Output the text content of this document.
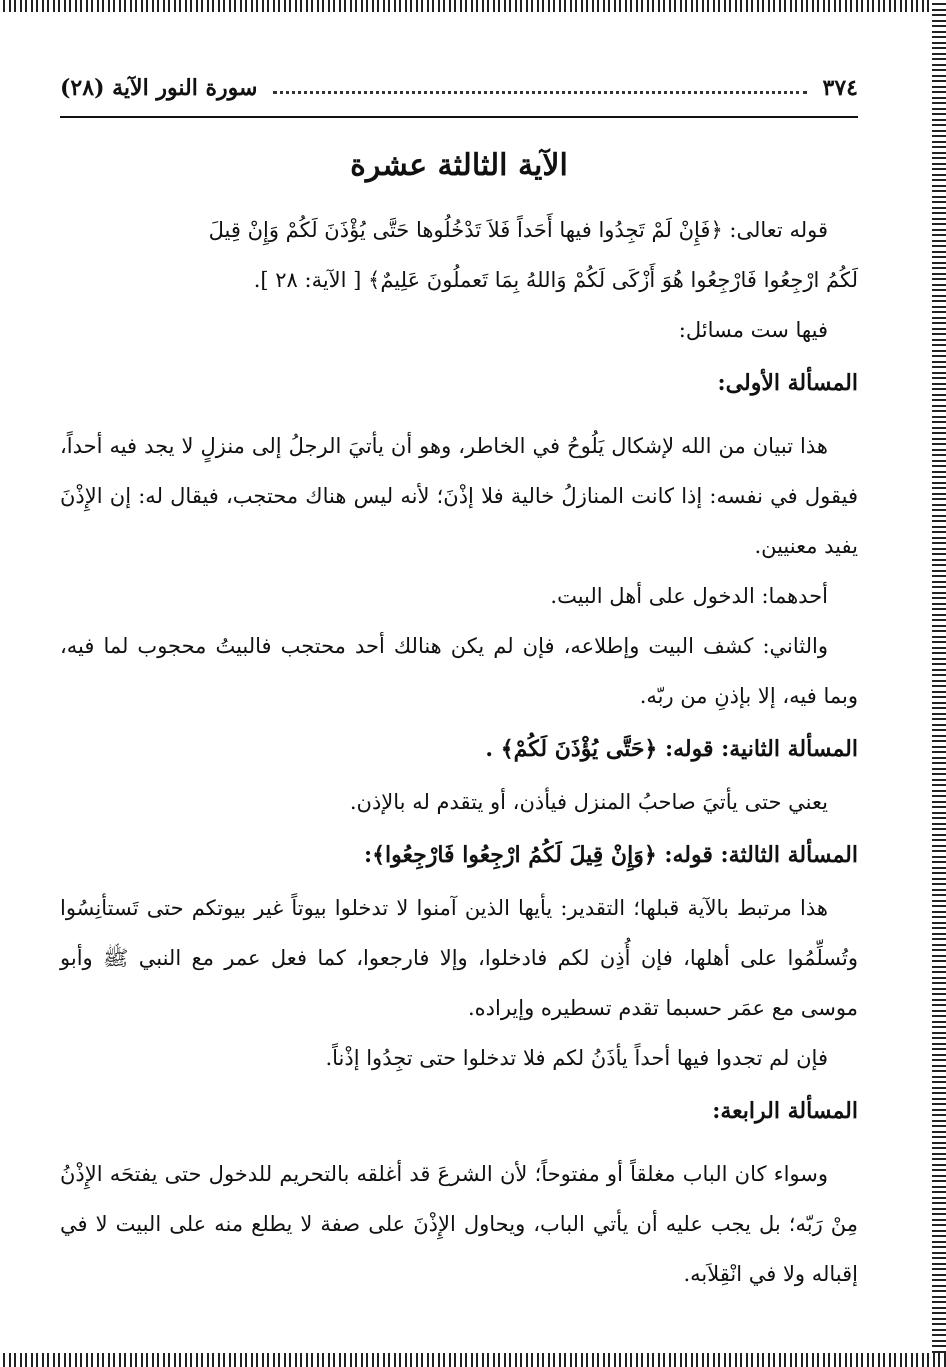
٣٧٤
سورة النور الآية (٢٨)
الآية الثالثة عشرة

قوله تعالى: ﴿فَإِنْ لَمْ تَجِدُوا فيها أَحَداً فَلاَ تَدْخُلُوها حَتَّى يُؤْذَنَ لَكُمْ وَإِنْ قِيلَ

لَكُمُ ارْجِعُوا فَارْجِعُوا هُوَ أَزْكَى لَكُمْ وَاللهُ بِمَا تَعملُونَ عَلِيمٌ﴾ [ الآية: ٢٨ ].

فيها ست مسائل:

المسألة الأولى:

هذا تبيان من الله لإشكال يَلُوحُ في الخاطر، وهو أن يأتيَ الرجلُ إلى منزلٍ لا يجد فيه أحداً، فيقول في نفسه: إذا كانت المنازلُ خالية فلا إذْنَ؛ لأنه ليس هناك محتجب، فيقال له: إن الإِذْنَ يفيد معنيين.

أحدهما: الدخول على أهل البيت.

والثاني: كشف البيت وإطلاعه، فإن لم يكن هنالك أحد محتجب فالبيتُ محجوب لما فيه، وبما فيه، إلا بإذنِ من ربّه.

المسألة الثانية: قوله: ﴿حَتَّى يُؤْذَنَ لَكُمْ﴾ .

يعني حتى يأتيَ صاحبُ المنزل فيأذن، أو يتقدم له بالإذن.

المسألة الثالثة: قوله: ﴿وَإِنْ قِيلَ لَكُمُ ارْجِعُوا فَارْجِعُوا﴾:

هذا مرتبط بالآية قبلها؛ التقدير: يأيها الذين آمنوا لا تدخلوا بيوتاً غير بيوتكم حتى تَستأنِسُوا وتُسلِّمُوا على أهلها، فإن أُذِن لكم فادخلوا، وإلا فارجعوا، كما فعل عمر مع النبي ﷺ وأبو موسى مع عمَر حسبما تقدم تسطيره وإيراده.

فإن لم تجدوا فيها أحداً يأذَنُ لكم فلا تدخلوا حتى تجِدُوا إذْناً.

المسألة الرابعة:

وسواء كان الباب مغلقاً أو مفتوحاً؛ لأن الشرعَ قد أغلقه بالتحريم للدخول حتى يفتحَه الإِذْنُ مِنْ رَبّه؛ بل يجب عليه أن يأتي الباب، ويحاول الإِذْنَ على صفة لا يطلع منه على البيت لا في إقباله ولا في انْقِلاَبه.
